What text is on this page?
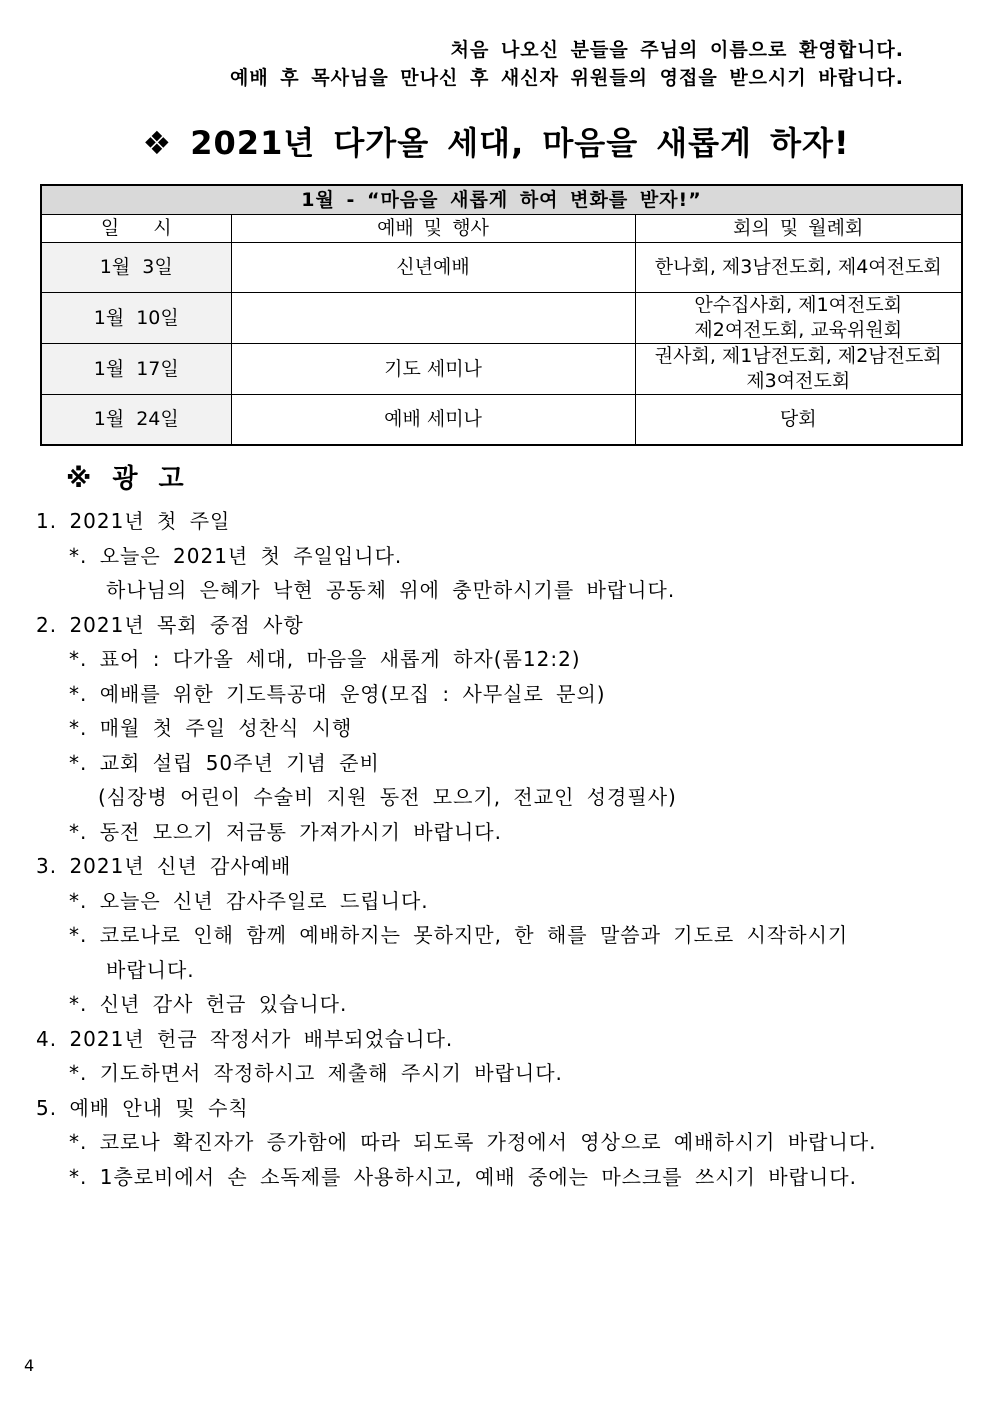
처음 나오신 분들을 주님의 이름으로 환영합니다.
예배 후 목사님을 만나신 후 새신자 위원들의 영접을 받으시기 바랍니다.
❖ 2021년 다가올 세대, 마음을 새롭게 하자!
1월 - “마음을 새롭게 하여 변화를 받자!”		
일 시	예배 및 행사	회의 및 월례회
1월 3일	신년예배	한나회, 제3남전도회, 제4여전도회

1월 10일		안수집사회, 제1여전도회
제2여전도회, 교육위원회

1월 17일	기도 세미나	권사회, 제1남전도회, 제2남전도회
제3여전도회

1월 24일	예배 세미나	당회
※ 광 고
1. 2021년 첫 주일
*. 오늘은 2021년 첫 주일입니다.
하나님의 은혜가 낙현 공동체 위에 충만하시기를 바랍니다.
2. 2021년 목회 중점 사항
*. 표어 : 다가올 세대, 마음을 새롭게 하자(롬12:2)
*. 예배를 위한 기도특공대 운영(모집 : 사무실로 문의)
*. 매월 첫 주일 성찬식 시행
*. 교회 설립 50주년 기념 준비
(심장병 어린이 수술비 지원 동전 모으기, 전교인 성경필사)
*. 동전 모으기 저금통 가져가시기 바랍니다.
3. 2021년 신년 감사예배
*. 오늘은 신년 감사주일로 드립니다.
*. 코로나로 인해 함께 예배하지는 못하지만, 한 해를 말씀과 기도로 시작하시기
바랍니다.
*. 신년 감사 헌금 있습니다.
4. 2021년 헌금 작정서가 배부되었습니다.
*. 기도하면서 작정하시고 제출해 주시기 바랍니다.
5. 예배 안내 및 수칙
*. 코로나 확진자가 증가함에 따라 되도록 가정에서 영상으로 예배하시기 바랍니다.
*. 1층로비에서 손 소독제를 사용하시고, 예배 중에는 마스크를 쓰시기 바랍니다.
4
